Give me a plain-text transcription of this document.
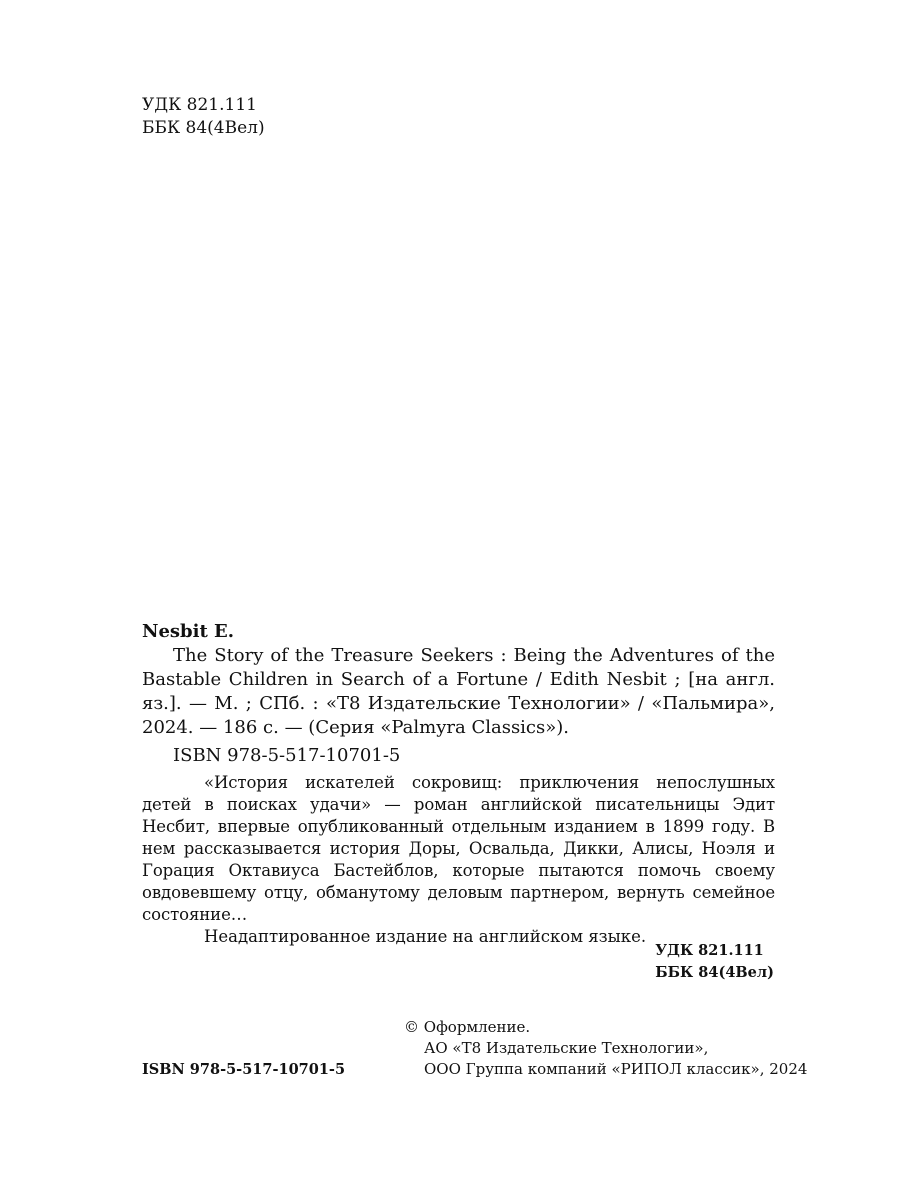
УДК 821.111
ББК 84(4Вел)

Nesbit E.

The Story of the Treasure Seekers : Being the Adventures of the Bastable Children in Search of a Fortune / Edith Nesbit ; [на англ. яз.]. — М. ; СПб. : «Т8 Издательские Технологии» / «Пальмира», 2024. — 186 с. — (Серия «Palmyra Classics»).

ISBN 978-5-517-10701-5

«История искателей сокровищ: приключения непослушных детей в поисках удачи» — роман английской писательницы Эдит Несбит, впервые опубликованный отдельным изданием в 1899 году. В нем рассказывается история Доры, Освальда, Дикки, Алисы, Ноэля и Горация Октавиуса Бастейблов, которые пытаются помочь своему овдовевшему отцу, обманутому деловым партнером, вернуть семейное состояние…

Неадаптированное издание на английском языке.

УДК 821.111
ББК 84(4Вел)
© Оформление.
АО «Т8 Издательские Технологии»,
ООО Группа компаний «РИПОЛ классик», 2024
ISBN 978-5-517-10701-5
